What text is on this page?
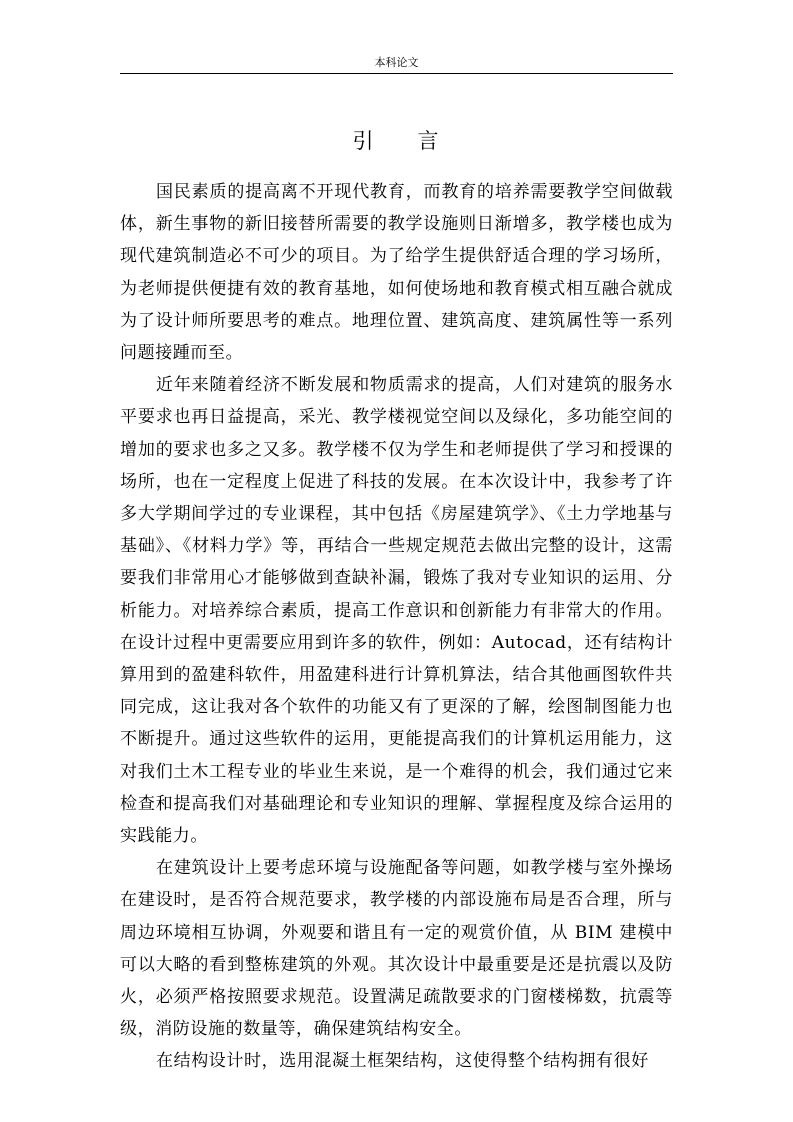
本科论文
引 言

国民素质的提高离不开现代教育，而教育的培养需要教学空间做载体，新生事物的新旧接替所需要的教学设施则日渐增多，教学楼也成为现代建筑制造必不可少的项目。为了给学生提供舒适合理的学习场所，为老师提供便捷有效的教育基地，如何使场地和教育模式相互融合就成为了设计师所要思考的难点。地理位置、建筑高度、建筑属性等一系列问题接踵而至。

近年来随着经济不断发展和物质需求的提高，人们对建筑的服务水平要求也再日益提高，采光、教学楼视觉空间以及绿化，多功能空间的增加的要求也多之又多。教学楼不仅为学生和老师提供了学习和授课的场所，也在一定程度上促进了科技的发展。在本次设计中，我参考了许多大学期间学过的专业课程，其中包括《房屋建筑学》、《土力学地基与基础》、《材料力学》等，再结合一些规定规范去做出完整的设计，这需要我们非常用心才能够做到查缺补漏，锻炼了我对专业知识的运用、分析能力。对培养综合素质，提高工作意识和创新能力有非常大的作用。在设计过程中更需要应用到许多的软件，例如：Autocad，还有结构计算用到的盈建科软件，用盈建科进行计算机算法，结合其他画图软件共同完成，这让我对各个软件的功能又有了更深的了解，绘图制图能力也不断提升。通过这些软件的运用，更能提高我们的计算机运用能力，这对我们土木工程专业的毕业生来说，是一个难得的机会，我们通过它来检查和提高我们对基础理论和专业知识的理解、掌握程度及综合运用的实践能力。

在建筑设计上要考虑环境与设施配备等问题，如教学楼与室外操场在建设时，是否符合规范要求，教学楼的内部设施布局是否合理，所与周边环境相互协调，外观要和谐且有一定的观赏价值，从 BIM 建模中可以大略的看到整栋建筑的外观。其次设计中最重要是还是抗震以及防火，必须严格按照要求规范。设置满足疏散要求的门窗楼梯数，抗震等级，消防设施的数量等，确保建筑结构安全。

在结构设计时，选用混凝土框架结构，这使得整个结构拥有很好
